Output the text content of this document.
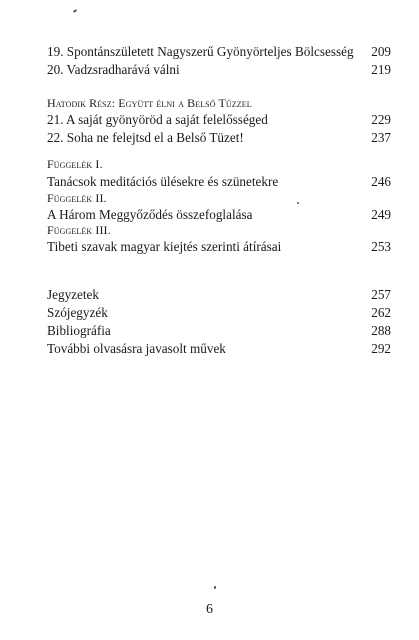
19. Spontánszületett Nagyszerű Gyönyörteljes Bölcsesség	209
20. Vadzsradharává válni	219
Hatodik Rész: Együtt élni a Belső Tűzzel
21. A saját gyönyöröd a saját felelősséged	229
22. Soha ne felejtsd el a Belső Tüzet!	237
Függelék I.
Tanácsok meditációs ülésekre és szünetekre	246
Függelék II.
A Három Meggyőződés összefoglalása	249
Függelék III.
Tibeti szavak magyar kiejtés szerinti átírásai	253
Jegyzetek	257
Szójegyzék	262
Bibliográfia	288
További olvasásra javasolt művek	292
6
